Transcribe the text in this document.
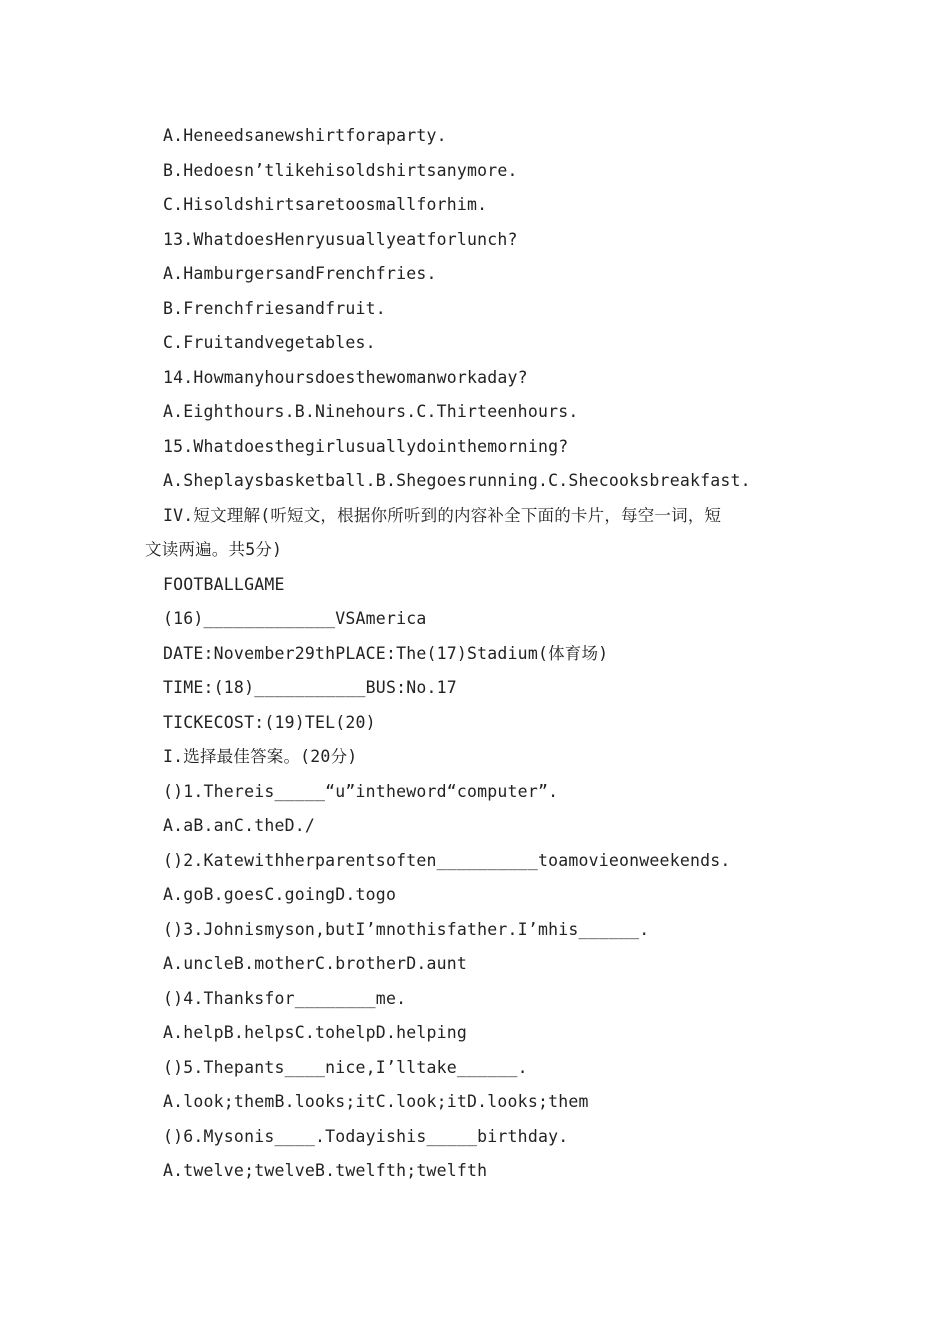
A.Heneedsanewshirtforaparty.
B.Hedoesn’tlikehisoldshirtsanymore.
C.Hisoldshirtsaretoosmallforhim.
13.WhatdoesHenryusuallyeatforlunch?
A.HamburgersandFrenchfries.
B.Frenchfriesandfruit.
C.Fruitandvegetables.
14.Howmanyhoursdoesthewomanworkaday?
A.Eighthours.B.Ninehours.C.Thirteenhours.
15.Whatdoesthegirlusuallydointhemorning?
A.Sheplaysbasketball.B.Shegoesrunning.C.Shecooksbreakfast.
IV.短文理解(听短文，根据你所听到的内容补全下面的卡片，每空一词，短
文读两遍。共5分)
FOOTBALLGAME
(16)_____________VSAmerica
DATE:November29thPLACE:The(17)Stadium(体育场)
TIME:(18)___________BUS:No.17
TICKECOST:(19)TEL(20)
I.选择最佳答案。(20分)
()1.Thereis_____“u”intheword“computer”.
A.aB.anC.theD./
()2.Katewithherparentsoften__________toamovieonweekends.
A.goB.goesC.goingD.togo
()3.Johnismyson,butI’mnothisfather.I’mhis______.
A.uncleB.motherC.brotherD.aunt
()4.Thanksfor________me.
A.helpB.helpsC.tohelpD.helping
()5.Thepants____nice,I’lltake______.
A.look;themB.looks;itC.look;itD.looks;them
()6.Mysonis____.Todayishis_____birthday.
A.twelve;twelveB.twelfth;twelfth
